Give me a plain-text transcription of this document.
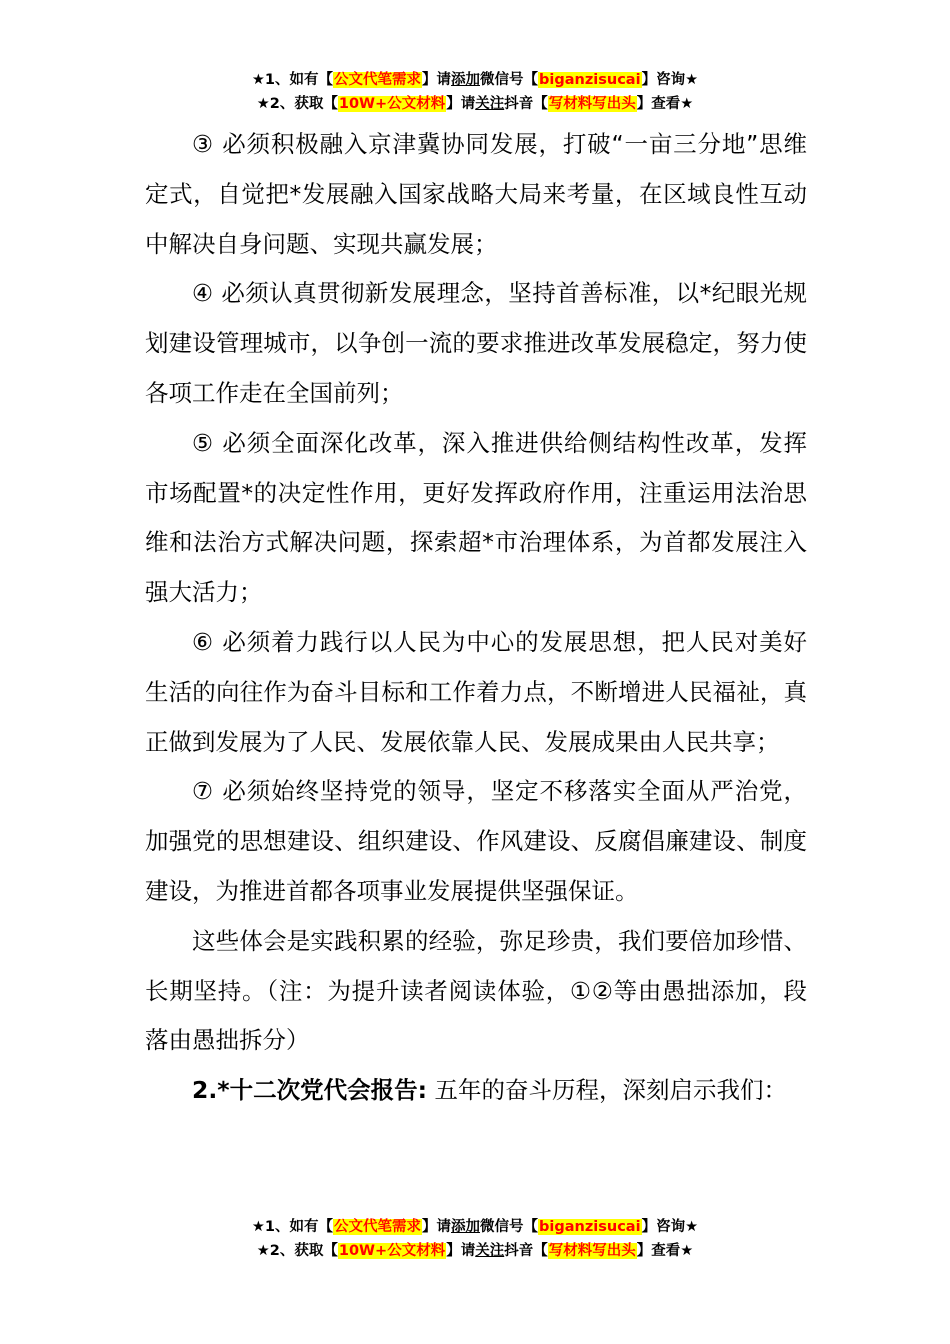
★1、如有【公文代笔需求】请添加微信号【biganzisucai】咨询★
★2、获取【10W+公文材料】请关注抖音【写材料写出头】查看★

③ 必须积极融入京津冀协同发展，打破“一亩三分地”思维定式，自觉把*发展融入国家战略大局来考量，在区域良性互动中解决自身问题、实现共赢发展；

④ 必须认真贯彻新发展理念，坚持首善标准，以*纪眼光规划建设管理城市，以争创一流的要求推进改革发展稳定，努力使各项工作走在全国前列；

⑤ 必须全面深化改革，深入推进供给侧结构性改革，发挥市场配置*的决定性作用，更好发挥政府作用，注重运用法治思维和法治方式解决问题，探索超*市治理体系，为首都发展注入强大活力；

⑥ 必须着力践行以人民为中心的发展思想，把人民对美好生活的向往作为奋斗目标和工作着力点，不断增进人民福祉，真正做到发展为了人民、发展依靠人民、发展成果由人民共享；

⑦ 必须始终坚持党的领导，坚定不移落实全面从严治党，加强党的思想建设、组织建设、作风建设、反腐倡廉建设、制度建设，为推进首都各项事业发展提供坚强保证。

这些体会是实践积累的经验，弥足珍贵，我们要倍加珍惜、长期坚持。（注：为提升读者阅读体验，①②等由愚拙添加，段落由愚拙拆分）

2.*十二次党代会报告: 五年的奋斗历程，深刻启示我们：

★1、如有【公文代笔需求】请添加微信号【biganzisucai】咨询★
★2、获取【10W+公文材料】请关注抖音【写材料写出头】查看★
